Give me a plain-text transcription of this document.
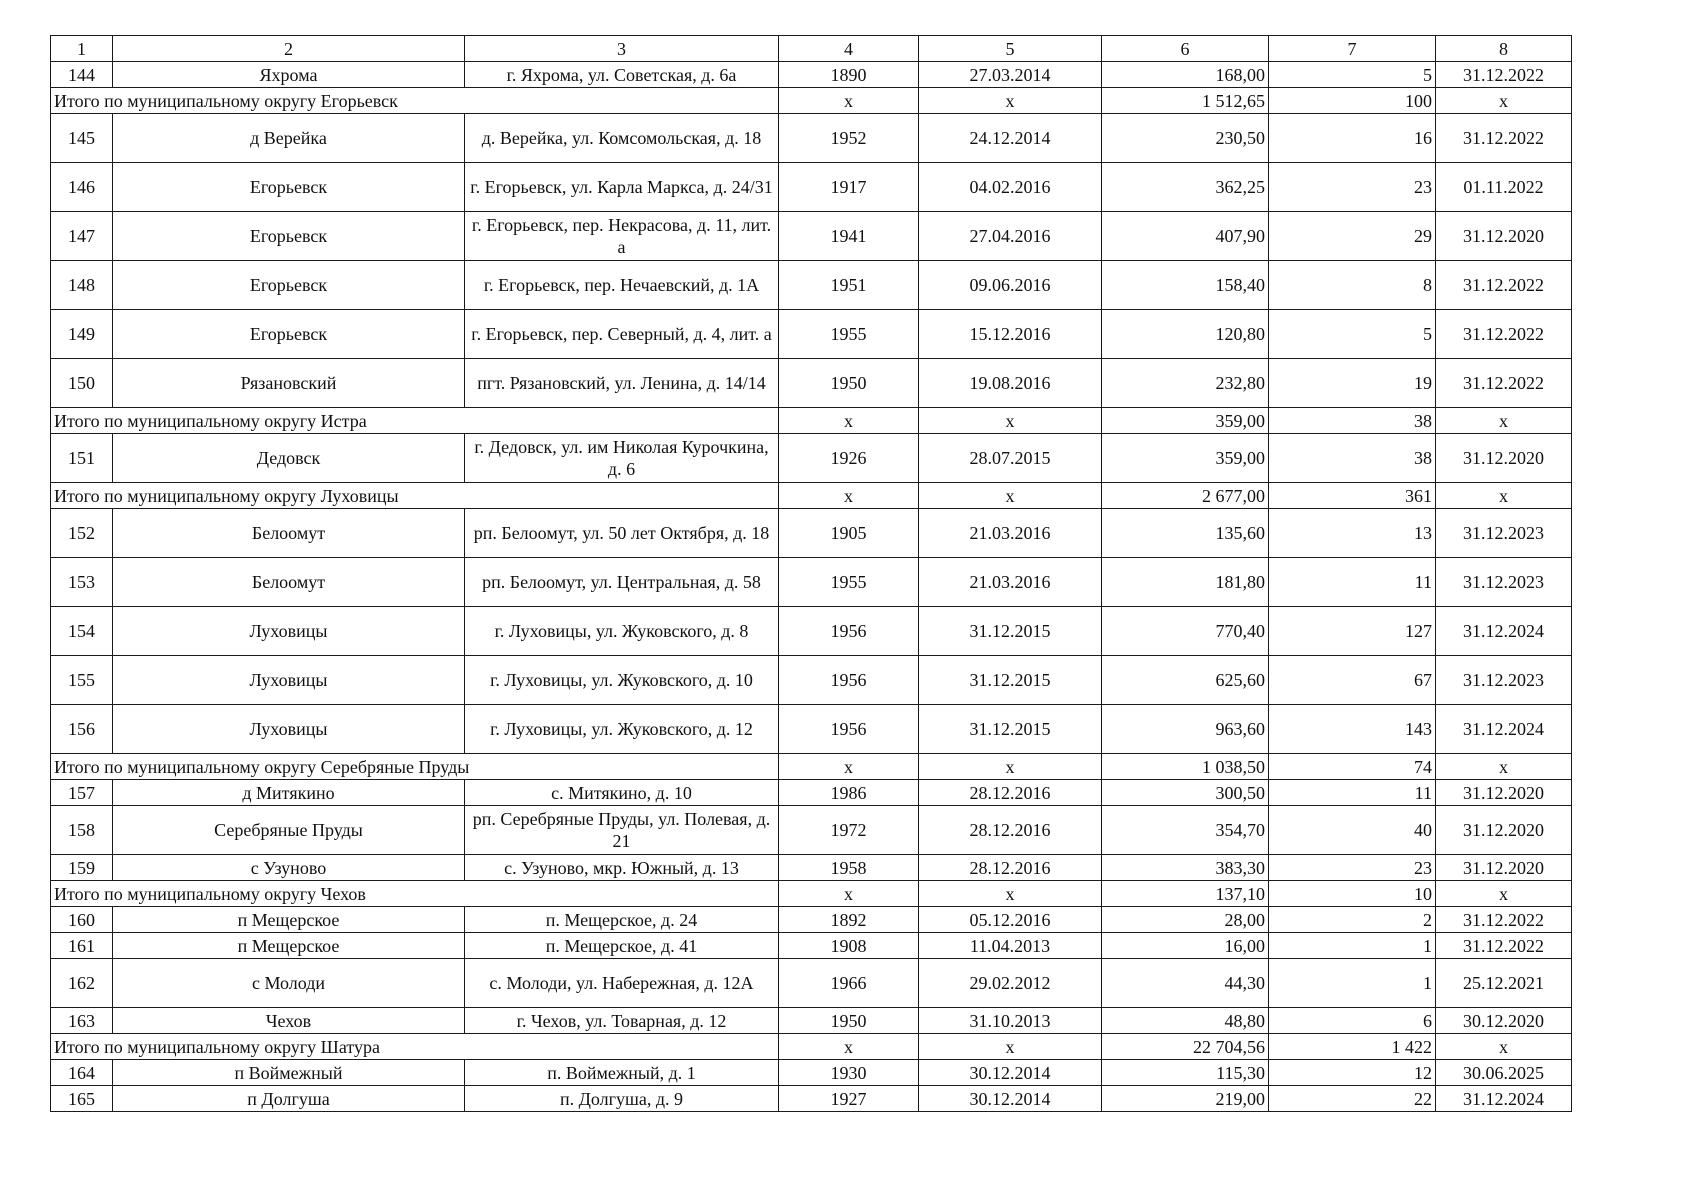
1	2	3	4	5	6	7	8
144	Яхрома	г. Яхрома, ул. Советская, д. 6а	1890	27.03.2014	168,00	5	31.12.2022
Итого по муниципальному округу Егорьевск			x	x	1 512,65	100	x
145	д Верейка	д. Верейка, ул. Комсомольская, д. 18	1952	24.12.2014	230,50	16	31.12.2022
146	Егорьевск	г. Егорьевск, ул. Карла Маркса, д. 24/31	1917	04.02.2016	362,25	23	01.11.2022
147	Егорьевск	г. Егорьевск, пер. Некрасова, д. 11, лит. а	1941	27.04.2016	407,90	29	31.12.2020
148	Егорьевск	г. Егорьевск, пер. Нечаевский, д. 1А	1951	09.06.2016	158,40	8	31.12.2022
149	Егорьевск	г. Егорьевск, пер. Северный, д. 4, лит. а	1955	15.12.2016	120,80	5	31.12.2022
150	Рязановский	пгт. Рязановский, ул. Ленина, д. 14/14	1950	19.08.2016	232,80	19	31.12.2022
Итого по муниципальному округу Истра			x	x	359,00	38	x
151	Дедовск	г. Дедовск, ул. им Николая Курочкина, д. 6	1926	28.07.2015	359,00	38	31.12.2020
Итого по муниципальному округу Луховицы			x	x	2 677,00	361	x
152	Белоомут	рп. Белоомут, ул. 50 лет Октября, д. 18	1905	21.03.2016	135,60	13	31.12.2023
153	Белоомут	рп. Белоомут, ул. Центральная, д. 58	1955	21.03.2016	181,80	11	31.12.2023
154	Луховицы	г. Луховицы, ул. Жуковского, д. 8	1956	31.12.2015	770,40	127	31.12.2024
155	Луховицы	г. Луховицы, ул. Жуковского, д. 10	1956	31.12.2015	625,60	67	31.12.2023
156	Луховицы	г. Луховицы, ул. Жуковского, д. 12	1956	31.12.2015	963,60	143	31.12.2024
Итого по муниципальному округу Серебряные Пруды			x	x	1 038,50	74	x
157	д Митякино	с. Митякино, д. 10	1986	28.12.2016	300,50	11	31.12.2020
158	Серебряные Пруды	рп. Серебряные Пруды, ул. Полевая, д. 21	1972	28.12.2016	354,70	40	31.12.2020
159	с Узуново	с. Узуново, мкр. Южный, д. 13	1958	28.12.2016	383,30	23	31.12.2020
Итого по муниципальному округу Чехов			x	x	137,10	10	x
160	п Мещерское	п. Мещерское, д. 24	1892	05.12.2016	28,00	2	31.12.2022
161	п Мещерское	п. Мещерское, д. 41	1908	11.04.2013	16,00	1	31.12.2022
162	с Молоди	с. Молоди, ул. Набережная, д. 12А	1966	29.02.2012	44,30	1	25.12.2021
163	Чехов	г. Чехов, ул. Товарная, д. 12	1950	31.10.2013	48,80	6	30.12.2020
Итого по муниципальному округу Шатура			x	x	22 704,56	1 422	x
164	п Воймежный	п. Воймежный, д. 1	1930	30.12.2014	115,30	12	30.06.2025
165	п Долгуша	п. Долгуша, д. 9	1927	30.12.2014	219,00	22	31.12.2024
